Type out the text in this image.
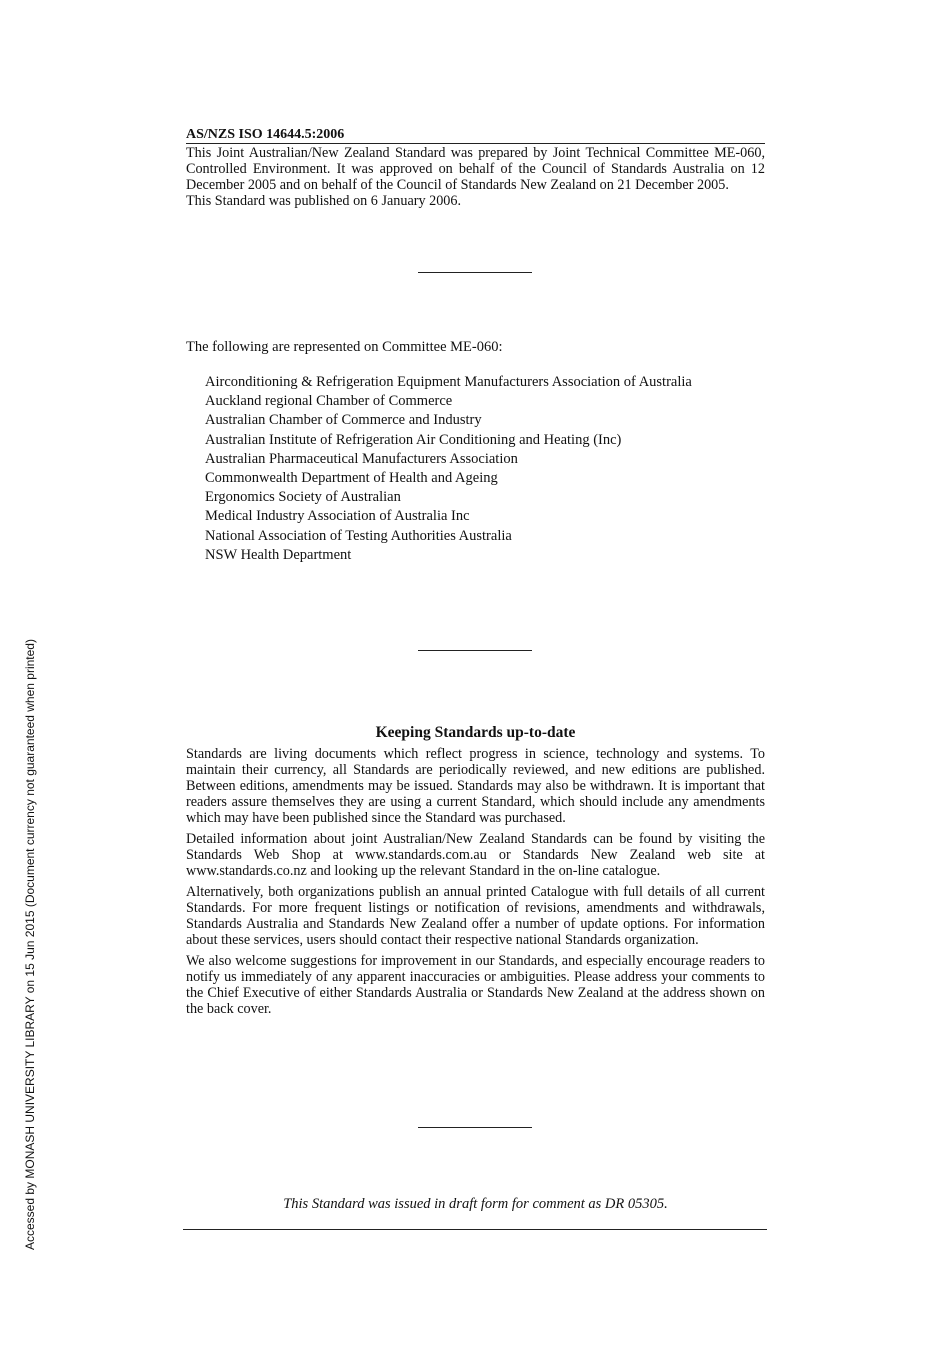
Accessed by MONASH UNIVERSITY LIBRARY on 15 Jun 2015 (Document currency not guaranteed when printed)
AS/NZS ISO 14644.5:2006

This Joint Australian/New Zealand Standard was prepared by Joint Technical Committee ME-060, Controlled Environment. It was approved on behalf of the Council of Standards Australia on 12 December 2005 and on behalf of the Council of Standards New Zealand on 21 December 2005.

This Standard was published on 6 January 2006.

The following are represented on Committee ME-060:
Airconditioning & Refrigeration Equipment Manufacturers Association of Australia
Auckland regional Chamber of Commerce
Australian Chamber of Commerce and Industry
Australian Institute of Refrigeration Air Conditioning and Heating (Inc)
Australian Pharmaceutical Manufacturers Association
Commonwealth Department of Health and Ageing
Ergonomics Society of Australian
Medical Industry Association of Australia Inc
National Association of Testing Authorities Australia
NSW Health Department
Keeping Standards up-to-date

Standards are living documents which reflect progress in science, technology and systems. To maintain their currency, all Standards are periodically reviewed, and new editions are published. Between editions, amendments may be issued. Standards may also be withdrawn. It is important that readers assure themselves they are using a current Standard, which should include any amendments which may have been published since the Standard was purchased.

Detailed information about joint Australian/New Zealand Standards can be found by visiting the Standards Web Shop at www.standards.com.au or Standards New Zealand web site at www.standards.co.nz and looking up the relevant Standard in the on-line catalogue.

Alternatively, both organizations publish an annual printed Catalogue with full details of all current Standards. For more frequent listings or notification of revisions, amendments and withdrawals, Standards Australia and Standards New Zealand offer a number of update options. For information about these services, users should contact their respective national Standards organization.

We also welcome suggestions for improvement in our Standards, and especially encourage readers to notify us immediately of any apparent inaccuracies or ambiguities. Please address your comments to the Chief Executive of either Standards Australia or Standards New Zealand at the address shown on the back cover.

This Standard was issued in draft form for comment as DR 05305.
